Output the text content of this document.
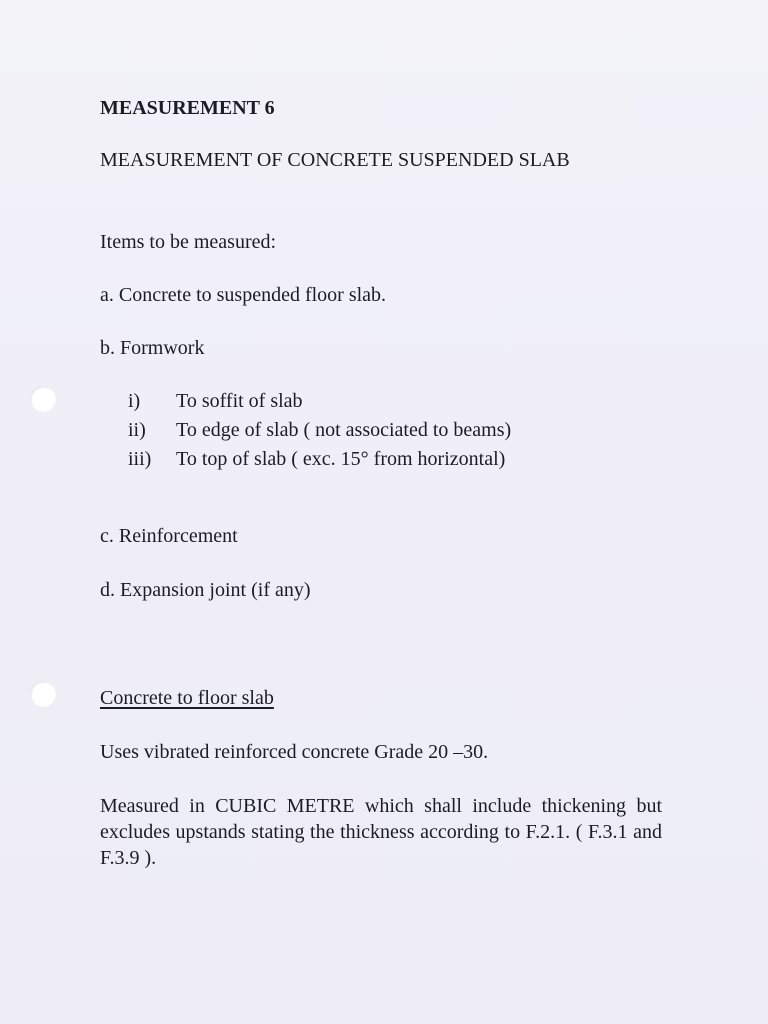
MEASUREMENT 6
MEASUREMENT OF CONCRETE SUSPENDED SLAB
Items to be measured:
a. Concrete to suspended floor slab.
b. Formwork
i) To soffit of slab
ii) To edge of slab ( not associated to beams)
iii) To top of slab ( exc. 15° from horizontal)
c. Reinforcement
d. Expansion joint (if any)
Concrete to floor slab
Uses vibrated reinforced concrete Grade 20 –30.
Measured in CUBIC METRE which shall include thickening but excludes upstands stating the thickness according to F.2.1. ( F.3.1 and F.3.9 ).
